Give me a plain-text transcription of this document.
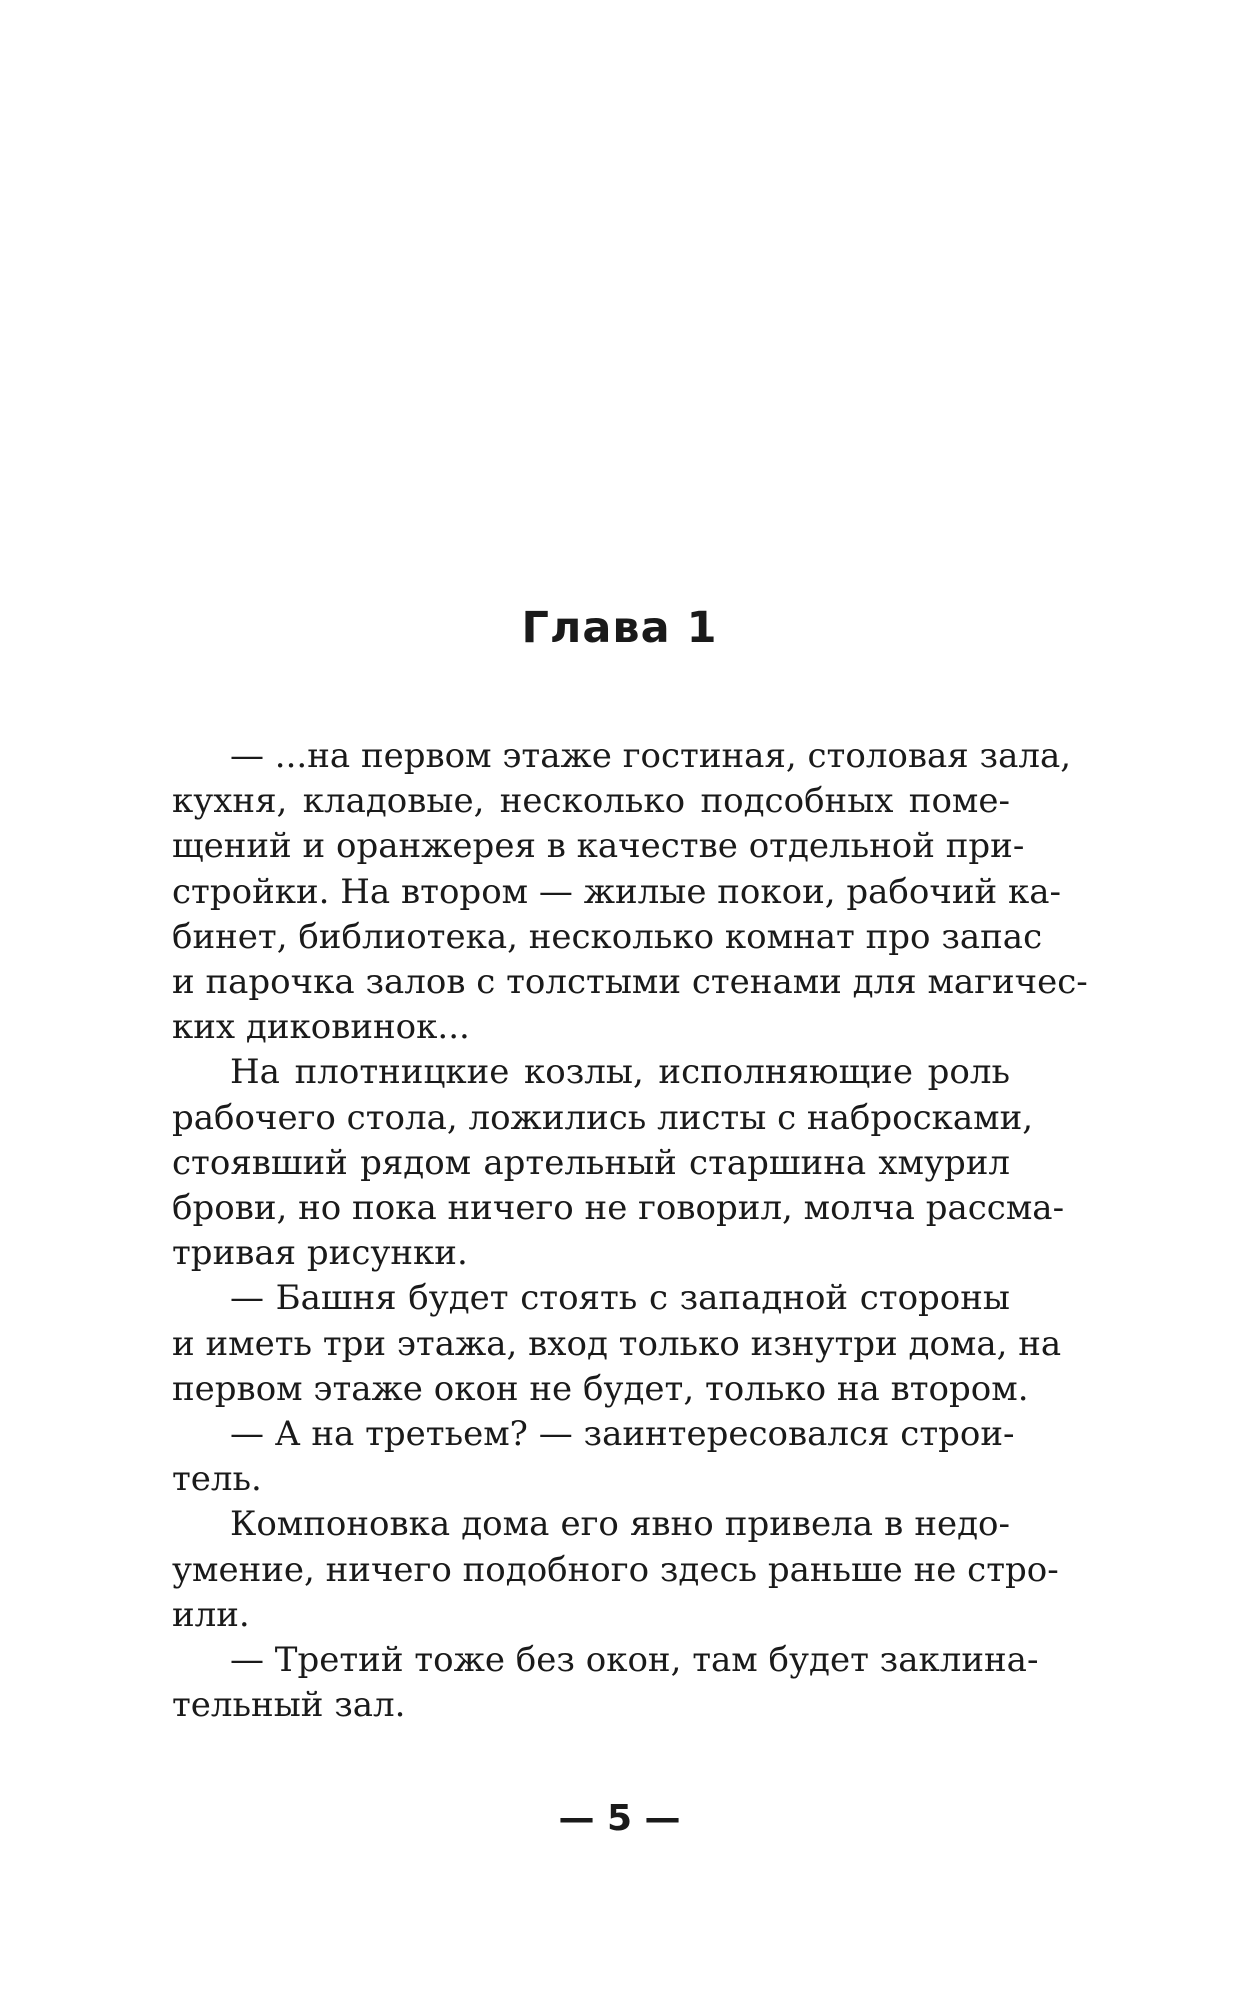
Глава 1

— ...на первом этаже гостиная, столовая зала,
кухня, кладовые, несколько подсобных поме-
щений и оранжерея в качестве отдельной при-
стройки. На втором — жилые покои, рабочий ка-
бинет, библиотека, несколько комнат про запас
и парочка залов с толстыми стенами для магичес-
ких диковинок...

На плотницкие козлы, исполняющие роль
рабочего стола, ложились листы с набросками,
стоявший рядом артельный старшина хмурил
брови, но пока ничего не говорил, молча рассма-
тривая рисунки.

— Башня будет стоять с западной стороны
и иметь три этажа, вход только изнутри дома, на
первом этаже окон не будет, только на втором.

— А на третьем? — заинтересовался строи-
тель.

Компоновка дома его явно привела в недо-
умение, ничего подобного здесь раньше не стро-
или.

— Третий тоже без окон, там будет заклина-
тельный зал.

— 5 —
